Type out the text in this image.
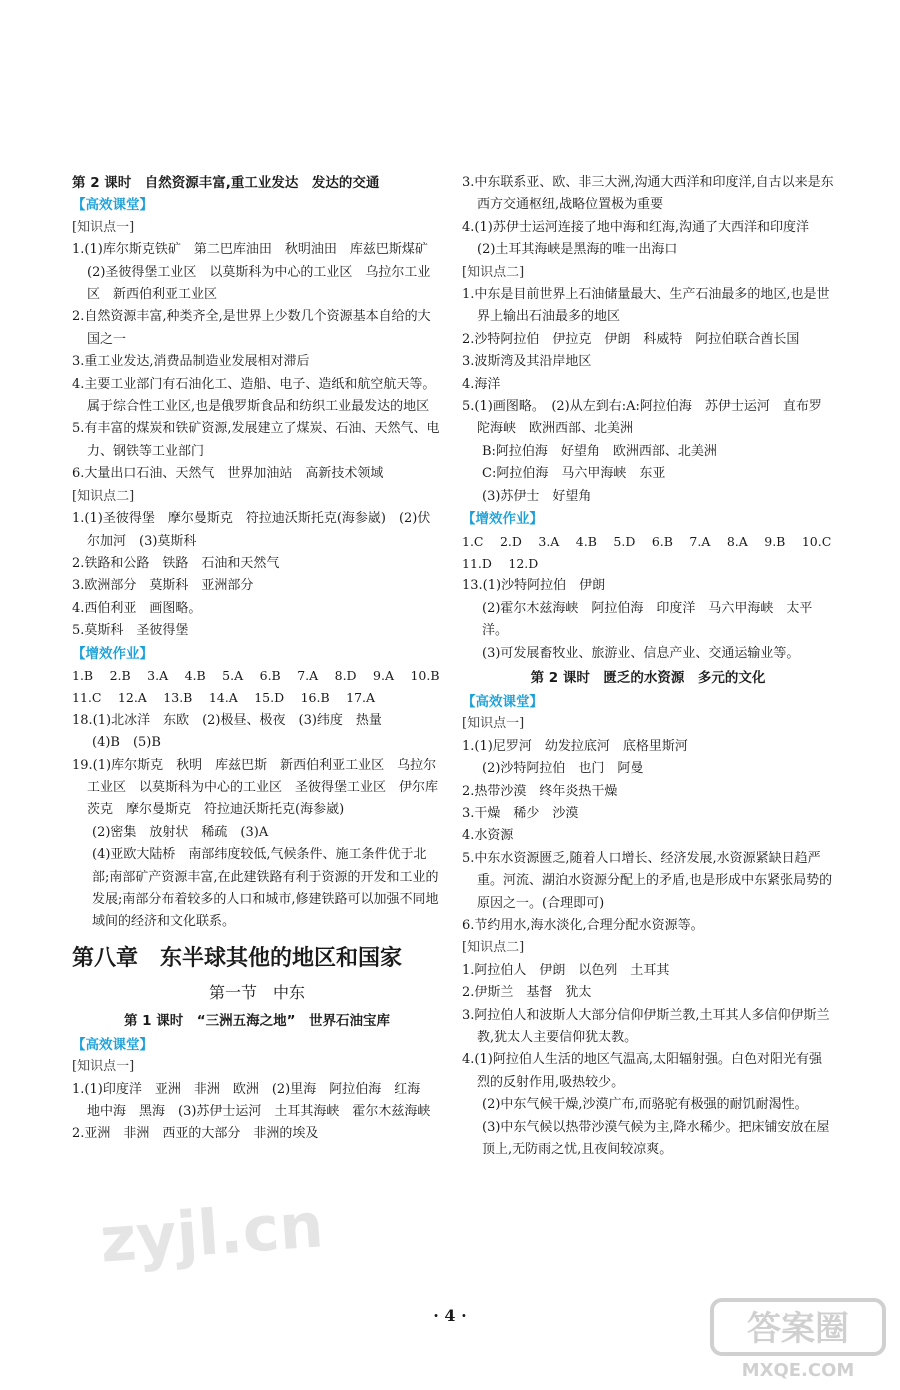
第 2 课时　自然资源丰富,重工业发达　发达的交通
【高效课堂】
[知识点一]
1.(1)库尔斯克铁矿　第二巴库油田　秋明油田　库兹巴斯煤矿　(2)圣彼得堡工业区　以莫斯科为中心的工业区　乌拉尔工业区　新西伯利亚工业区
2.自然资源丰富,种类齐全,是世界上少数几个资源基本自给的大国之一
3.重工业发达,消费品制造业发展相对滞后
4.主要工业部门有石油化工、造船、电子、造纸和航空航天等。属于综合性工业区,也是俄罗斯食品和纺织工业最发达的地区
5.有丰富的煤炭和铁矿资源,发展建立了煤炭、石油、天然气、电力、钢铁等工业部门
6.大量出口石油、天然气　世界加油站　高新技术领域
[知识点二]
1.(1)圣彼得堡　摩尔曼斯克　符拉迪沃斯托克(海参崴)　(2)伏尔加河　(3)莫斯科
2.铁路和公路　铁路　石油和天然气
3.欧洲部分　莫斯科　亚洲部分
4.西伯利亚　画图略。
5.莫斯科　圣彼得堡
【增效作业】
1.B　 2.B　 3.A　 4.B　 5.A　 6.B　 7.A　 8.D　 9.A　 10.B
11.C　 12.A　 13.B　 14.A　 15.D　 16.B　 17.A
18.(1)北冰洋　东欧　(2)极昼、极夜　(3)纬度　热量
(4)B　(5)B
19.(1)库尔斯克　秋明　库兹巴斯　新西伯利亚工业区　乌拉尔工业区　以莫斯科为中心的工业区　圣彼得堡工业区　伊尔库茨克　摩尔曼斯克　符拉迪沃斯托克(海参崴)
(2)密集　放射状　稀疏　(3)A
(4)亚欧大陆桥　南部纬度较低,气候条件、施工条件优于北部;南部矿产资源丰富,在此建铁路有利于资源的开发和工业的发展;南部分布着较多的人口和城市,修建铁路可以加强不同地域间的经济和文化联系。
第八章　东半球其他的地区和国家
第一节　中东
第 1 课时　“三洲五海之地”　世界石油宝库
【高效课堂】
[知识点一]
1.(1)印度洋　亚洲　非洲　欧洲　(2)里海　阿拉伯海　红海　地中海　黑海　(3)苏伊士运河　土耳其海峡　霍尔木兹海峡
2.亚洲　非洲　西亚的大部分　非洲的埃及
3.中东联系亚、欧、非三大洲,沟通大西洋和印度洋,自古以来是东西方交通枢纽,战略位置极为重要
4.(1)苏伊士运河连接了地中海和红海,沟通了大西洋和印度洋　(2)土耳其海峡是黑海的唯一出海口
[知识点二]
1.中东是目前世界上石油储量最大、生产石油最多的地区,也是世界上输出石油最多的地区
2.沙特阿拉伯　伊拉克　伊朗　科威特　阿拉伯联合酋长国
3.波斯湾及其沿岸地区
4.海洋
5.(1)画图略。　(2)从左到右:A:阿拉伯海　苏伊士运河　直布罗陀海峡　欧洲西部、北美洲
B:阿拉伯海　好望角　欧洲西部、北美洲
C:阿拉伯海　马六甲海峡　东亚
(3)苏伊士　好望角
【增效作业】
1.C　 2.D　 3.A　 4.B　 5.D　 6.B　 7.A　 8.A　 9.B　 10.C
11.D　 12.D
13.(1)沙特阿拉伯　伊朗
(2)霍尔木兹海峡　阿拉伯海　印度洋　马六甲海峡　太平洋。
(3)可发展畜牧业、旅游业、信息产业、交通运输业等。
第 2 课时　匮乏的水资源　多元的文化
【高效课堂】
[知识点一]
1.(1)尼罗河　幼发拉底河　底格里斯河
(2)沙特阿拉伯　也门　阿曼
2.热带沙漠　终年炎热干燥
3.干燥　稀少　沙漠
4.水资源
5.中东水资源匮乏,随着人口增长、经济发展,水资源紧缺日趋严重。河流、湖泊水资源分配上的矛盾,也是形成中东紧张局势的原因之一。(合理即可)
6.节约用水,海水淡化,合理分配水资源等。
[知识点二]
1.阿拉伯人　伊朗　以色列　土耳其
2.伊斯兰　基督　犹太
3.阿拉伯人和波斯人大部分信仰伊斯兰教,土耳其人多信仰伊斯兰教,犹太人主要信仰犹太教。
4.(1)阿拉伯人生活的地区气温高,太阳辐射强。白色对阳光有强烈的反射作用,吸热较少。
(2)中东气候干燥,沙漠广布,而骆驼有极强的耐饥耐渴性。
(3)中东气候以热带沙漠气候为主,降水稀少。把床铺安放在屋顶上,无防雨之忧,且夜间较凉爽。
· 4 ·
zyjl.cn
答案圈
MXQE.COM
